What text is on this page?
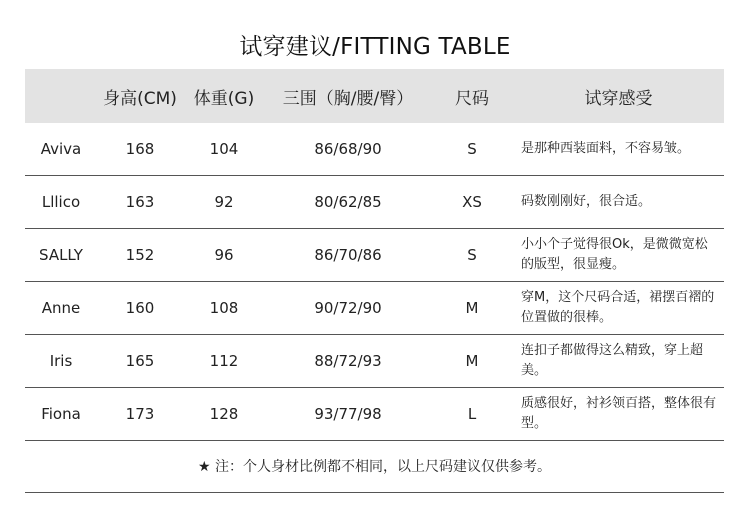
试穿建议/FITTING TABLE
	身高(CM)	体重(G)	三围（胸/腰/臀）	尺码	试穿感受
Aviva	168	104	86/68/90	S	是那种西装面料，不容易皱。
Lllico	163	92	80/62/85	XS	码数刚刚好，很合适。
SALLY	152	96	86/70/86	S	小小个子觉得很Ok，是微微宽松的版型，很显瘦。
Anne	160	108	90/72/90	M	穿M，这个尺码合适，裙摆百褶的位置做的很棒。
Iris	165	112	88/72/93	M	连扣子都做得这么精致，穿上超美。
Fiona	173	128	93/77/98	L	质感很好，衬衫领百搭，整体很有型。
★ 注：个人身材比例都不相同，以上尺码建议仅供参考。
